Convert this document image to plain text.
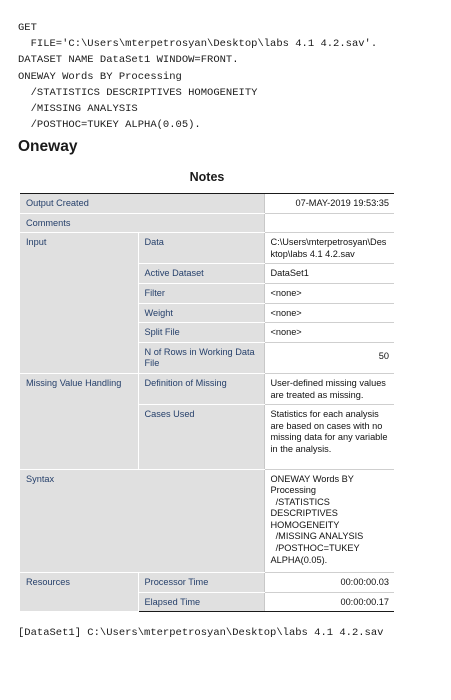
GET
FILE='C:\Users\mterpetrosyan\Desktop\labs 4.1 4.2.sav'.
DATASET NAME DataSet1 WINDOW=FRONT.
ONEWAY Words BY Processing
/STATISTICS DESCRIPTIVES HOMOGENEITY
/MISSING ANALYSIS
/POSTHOC=TUKEY ALPHA(0.05).
Oneway
Notes
Output Created		07-MAY-2019 19:53:35
Comments		
Input	Data	C:\Users\mterpetrosyan\Desktop\labs 4.1 4.2.sav
	Active Dataset	DataSet1
	Filter	<none>
	Weight	<none>
	Split File	<none>
	N of Rows in Working Data File	50
Missing Value Handling	Definition of Missing	User-defined missing values are treated as missing.
	Cases Used	Statistics for each analysis are based on cases with no missing data for any variable in the analysis.
Syntax		ONEWAY Words BY Processing
/STATISTICS DESCRIPTIVES HOMOGENEITY
/MISSING ANALYSIS
/POSTHOC=TUKEY ALPHA(0.05).
Resources	Processor Time	00:00:00.03
	Elapsed Time	00:00:00.17
[DataSet1] C:\Users\mterpetrosyan\Desktop\labs 4.1 4.2.sav
